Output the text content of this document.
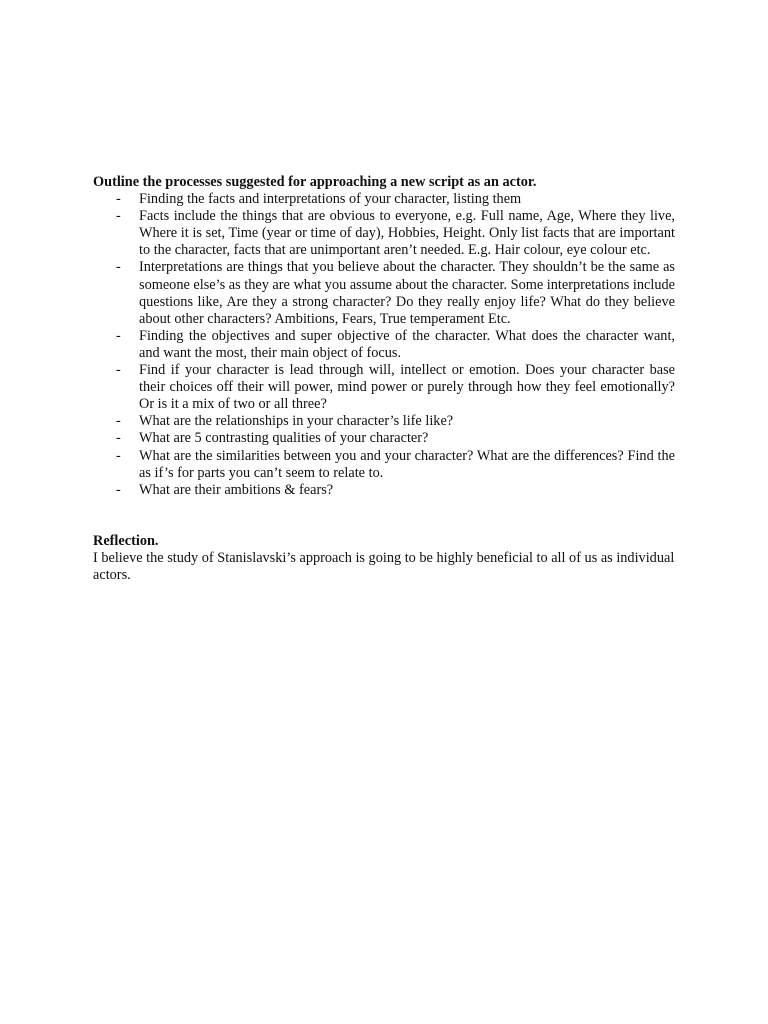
Outline the processes suggested for approaching a new script as an actor.

- Finding the facts and interpretations of your character, listing them
- Facts include the things that are obvious to everyone, e.g. Full name, Age, Where they live, Where it is set, Time (year or time of day), Hobbies, Height. Only list facts that are important to the character, facts that are unimportant aren’t needed. E.g. Hair colour, eye colour etc.
- Interpretations are things that you believe about the character. They shouldn’t be the same as someone else’s as they are what you assume about the character. Some interpretations include questions like, Are they a strong character? Do they really enjoy life? What do they believe about other characters? Ambitions, Fears, True temperament Etc.
- Finding the objectives and super objective of the character. What does the character want, and want the most, their main object of focus.
- Find if your character is lead through will, intellect or emotion. Does your character base their choices off their will power, mind power or purely through how they feel emotionally? Or is it a mix of two or all three?
- What are the relationships in your character’s life like?
- What are 5 contrasting qualities of your character?
- What are the similarities between you and your character? What are the differences? Find the as if’s for parts you can’t seem to relate to.
- What are their ambitions & fears?

Reflection.

I believe the study of Stanislavski’s approach is going to be highly beneficial to all of us as individual actors.
